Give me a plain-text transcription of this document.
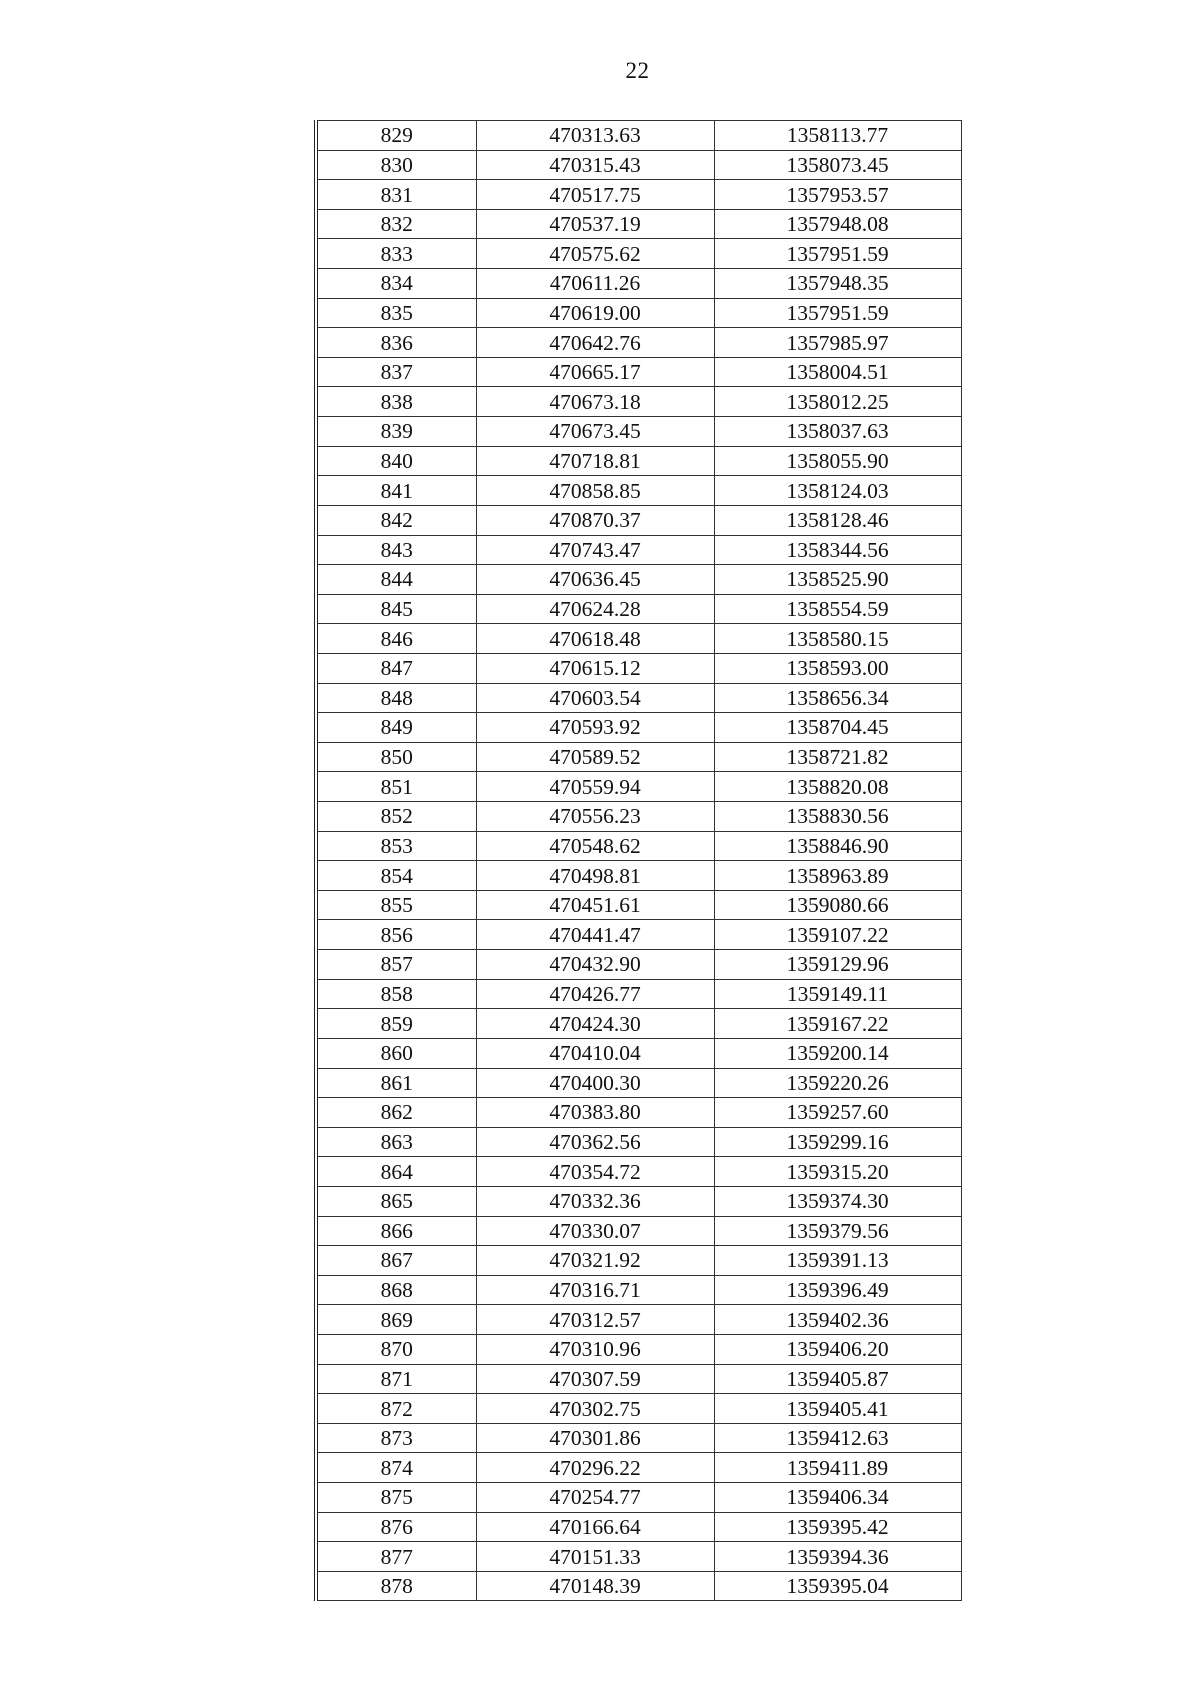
22
829	470313.63	1358113.77
830	470315.43	1358073.45
831	470517.75	1357953.57
832	470537.19	1357948.08
833	470575.62	1357951.59
834	470611.26	1357948.35
835	470619.00	1357951.59
836	470642.76	1357985.97
837	470665.17	1358004.51
838	470673.18	1358012.25
839	470673.45	1358037.63
840	470718.81	1358055.90
841	470858.85	1358124.03
842	470870.37	1358128.46
843	470743.47	1358344.56
844	470636.45	1358525.90
845	470624.28	1358554.59
846	470618.48	1358580.15
847	470615.12	1358593.00
848	470603.54	1358656.34
849	470593.92	1358704.45
850	470589.52	1358721.82
851	470559.94	1358820.08
852	470556.23	1358830.56
853	470548.62	1358846.90
854	470498.81	1358963.89
855	470451.61	1359080.66
856	470441.47	1359107.22
857	470432.90	1359129.96
858	470426.77	1359149.11
859	470424.30	1359167.22
860	470410.04	1359200.14
861	470400.30	1359220.26
862	470383.80	1359257.60
863	470362.56	1359299.16
864	470354.72	1359315.20
865	470332.36	1359374.30
866	470330.07	1359379.56
867	470321.92	1359391.13
868	470316.71	1359396.49
869	470312.57	1359402.36
870	470310.96	1359406.20
871	470307.59	1359405.87
872	470302.75	1359405.41
873	470301.86	1359412.63
874	470296.22	1359411.89
875	470254.77	1359406.34
876	470166.64	1359395.42
877	470151.33	1359394.36
878	470148.39	1359395.04
